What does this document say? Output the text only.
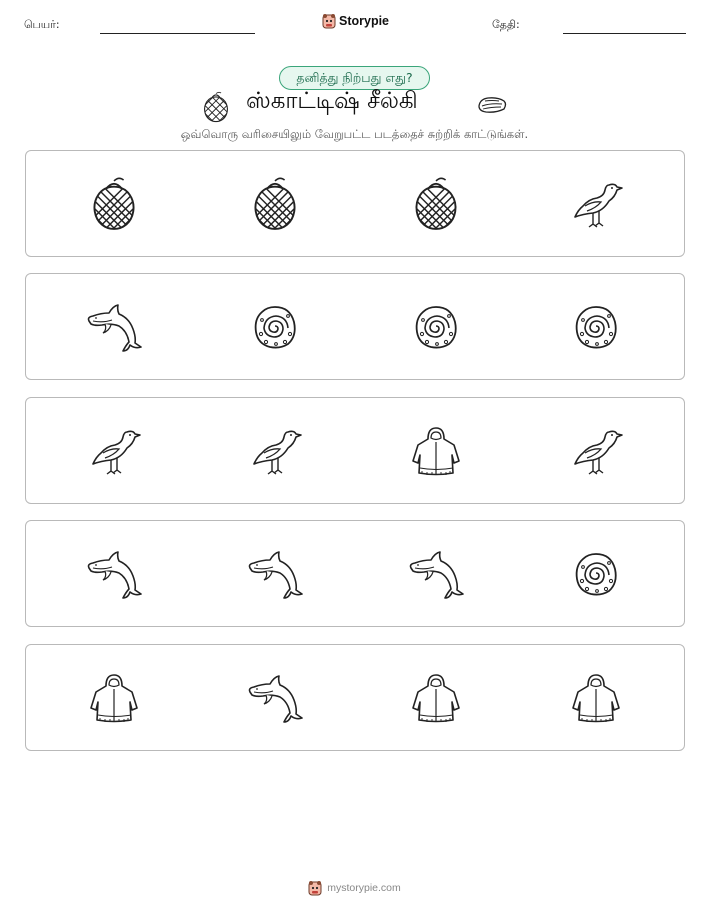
பெயர்:	Storypie	தேதி:
தனித்து நிற்பது எது?
ஸ்காட்டிஷ் சீல்கி
ஒவ்வொரு வரிசையிலும் வேறுபட்ட படத்தைச் சுற்றிக் காட்டுங்கள்.
mystorypie.com
